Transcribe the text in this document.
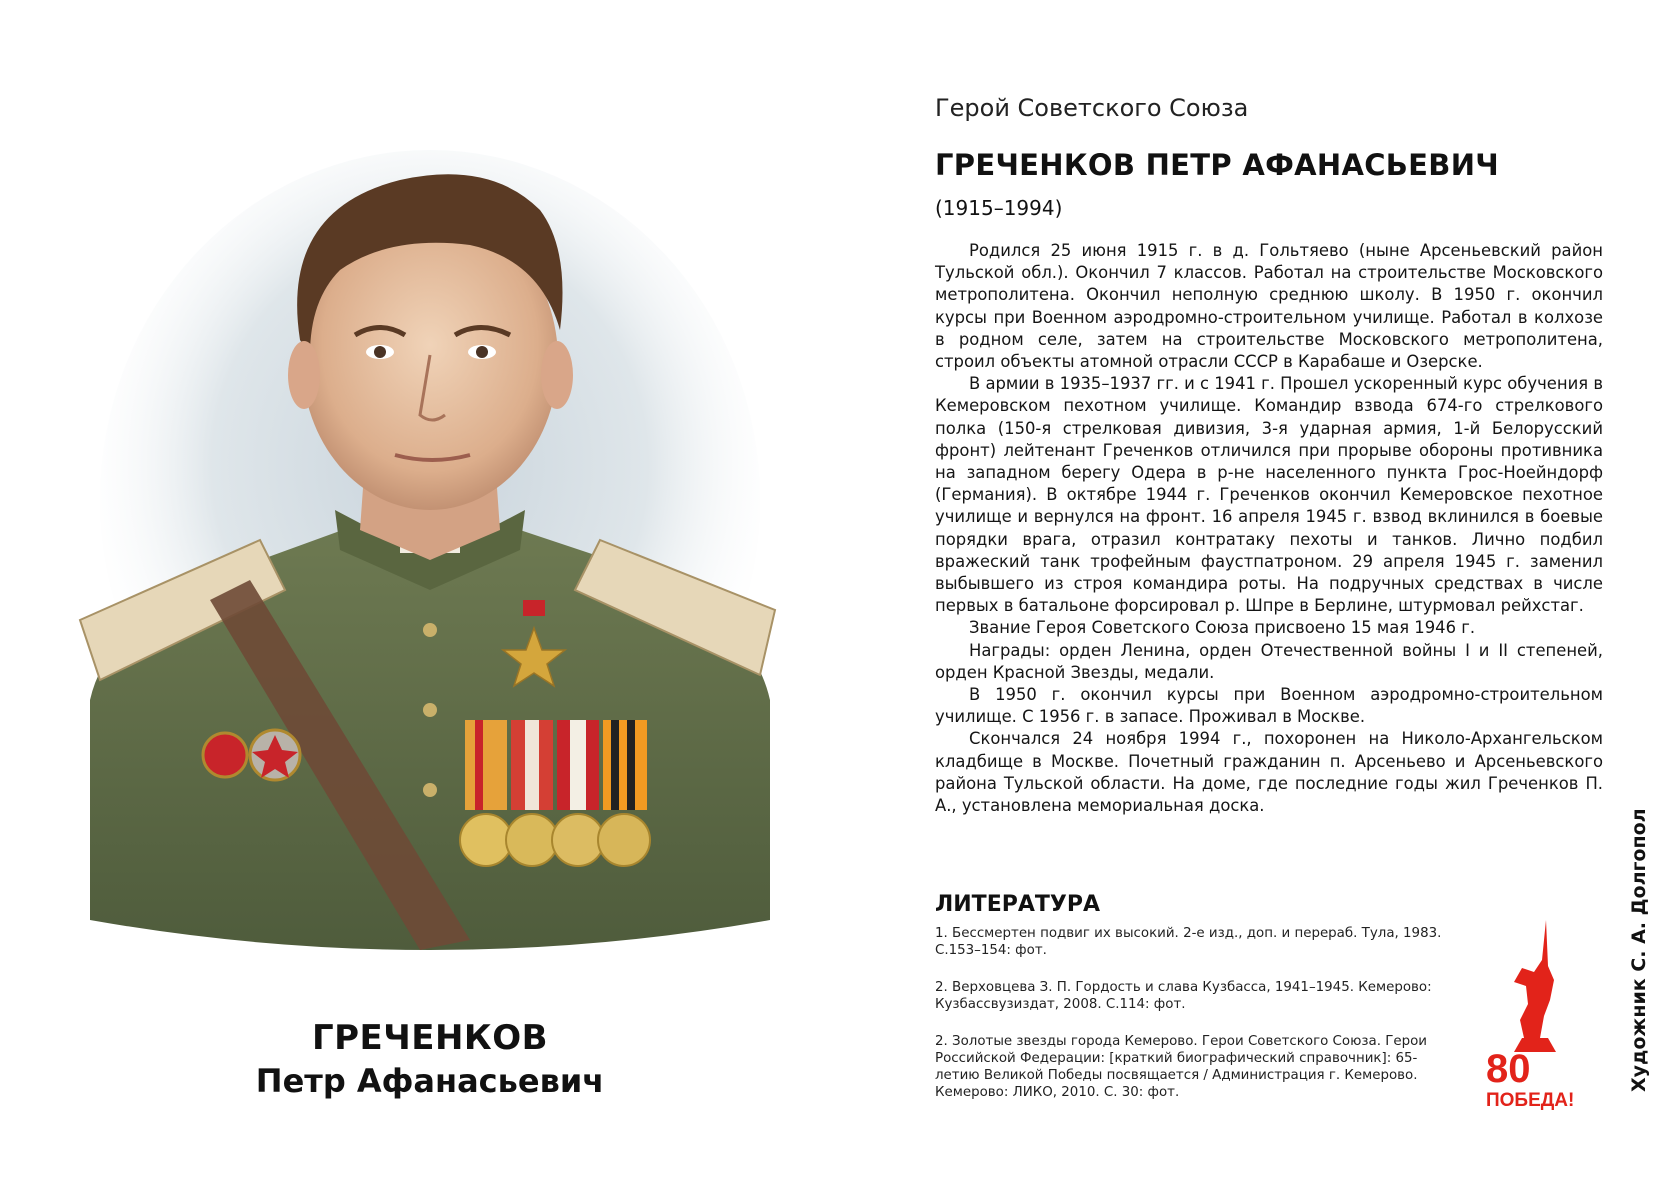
ГРЕЧЕНКОВ
Петр Афанасьевич
Герой Советского Союза
ГРЕЧЕНКОВ ПЕТР АФАНАСЬЕВИЧ
(1915–1994)

Родился 25 июня 1915 г. в д. Гольтяево (ныне Арсеньевский район Тульской обл.). Окончил 7 классов. Работал на строительстве Московского метрополитена. Окончил неполную среднюю школу. В 1950 г. окончил курсы при Военном аэродромно-строительном училище. Работал в колхозе в родном селе, затем на строительстве Московского метрополитена, строил объекты атомной отрасли СССР в Карабаше и Озерске.

В армии в 1935–1937 гг. и с 1941 г. Прошел ускоренный курс обучения в Кемеровском пехотном училище. Командир взвода 674-го стрелкового полка (150-я стрелковая дивизия, 3-я ударная армия, 1-й Белорусский фронт) лейтенант Греченков отличился при прорыве обороны противника на западном берегу Одера в р-не населенного пункта Грос-Ноейндорф (Германия). В октябре 1944 г. Греченков окончил Кемеровское пехотное училище и вернулся на фронт. 16 апреля 1945 г. взвод вклинился в боевые порядки врага, отразил контратаку пехоты и танков. Лично подбил вражеский танк трофейным фаустпатроном. 29 апреля 1945 г. заменил выбывшего из строя командира роты. На подручных средствах в числе первых в батальоне форсировал р. Шпре в Берлине, штурмовал рейхстаг.

Звание Героя Советского Союза присвоено 15 мая 1946 г.

Награды: орден Ленина, орден Отечественной войны I и II степеней, орден Красной Звезды, медали.

В 1950 г. окончил курсы при Военном аэродромно-строительном училище. С 1956 г. в запасе. Проживал в Москве.

Скончался 24 ноября 1994 г., похоронен на Николо-Архангельском кладбище в Москве. Почетный гражданин п. Арсеньево и Арсеньевского района Тульской области. На доме, где последние годы жил Греченков П. А., установлена мемориальная доска.

ЛИТЕРАТУРА
1. Бессмертен подвиг их высокий. 2-е изд., доп. и перераб. Тула, 1983. С.153–154: фот.
2. Верховцева З. П. Гордость и слава Кузбасса, 1941–1945. Кемерово: Кузбассвузиздат, 2008. С.114: фот.
2. Золотые звезды города Кемерово. Герои Советского Союза. Герои Российской Федерации: [краткий биографический справочник]: 65-летию Великой Победы посвящается / Администрация г. Кемерово. Кемерово: ЛИКО, 2010. С. 30: фот.
80
ПОБЕДА!
Художник С. А. Долгопол
